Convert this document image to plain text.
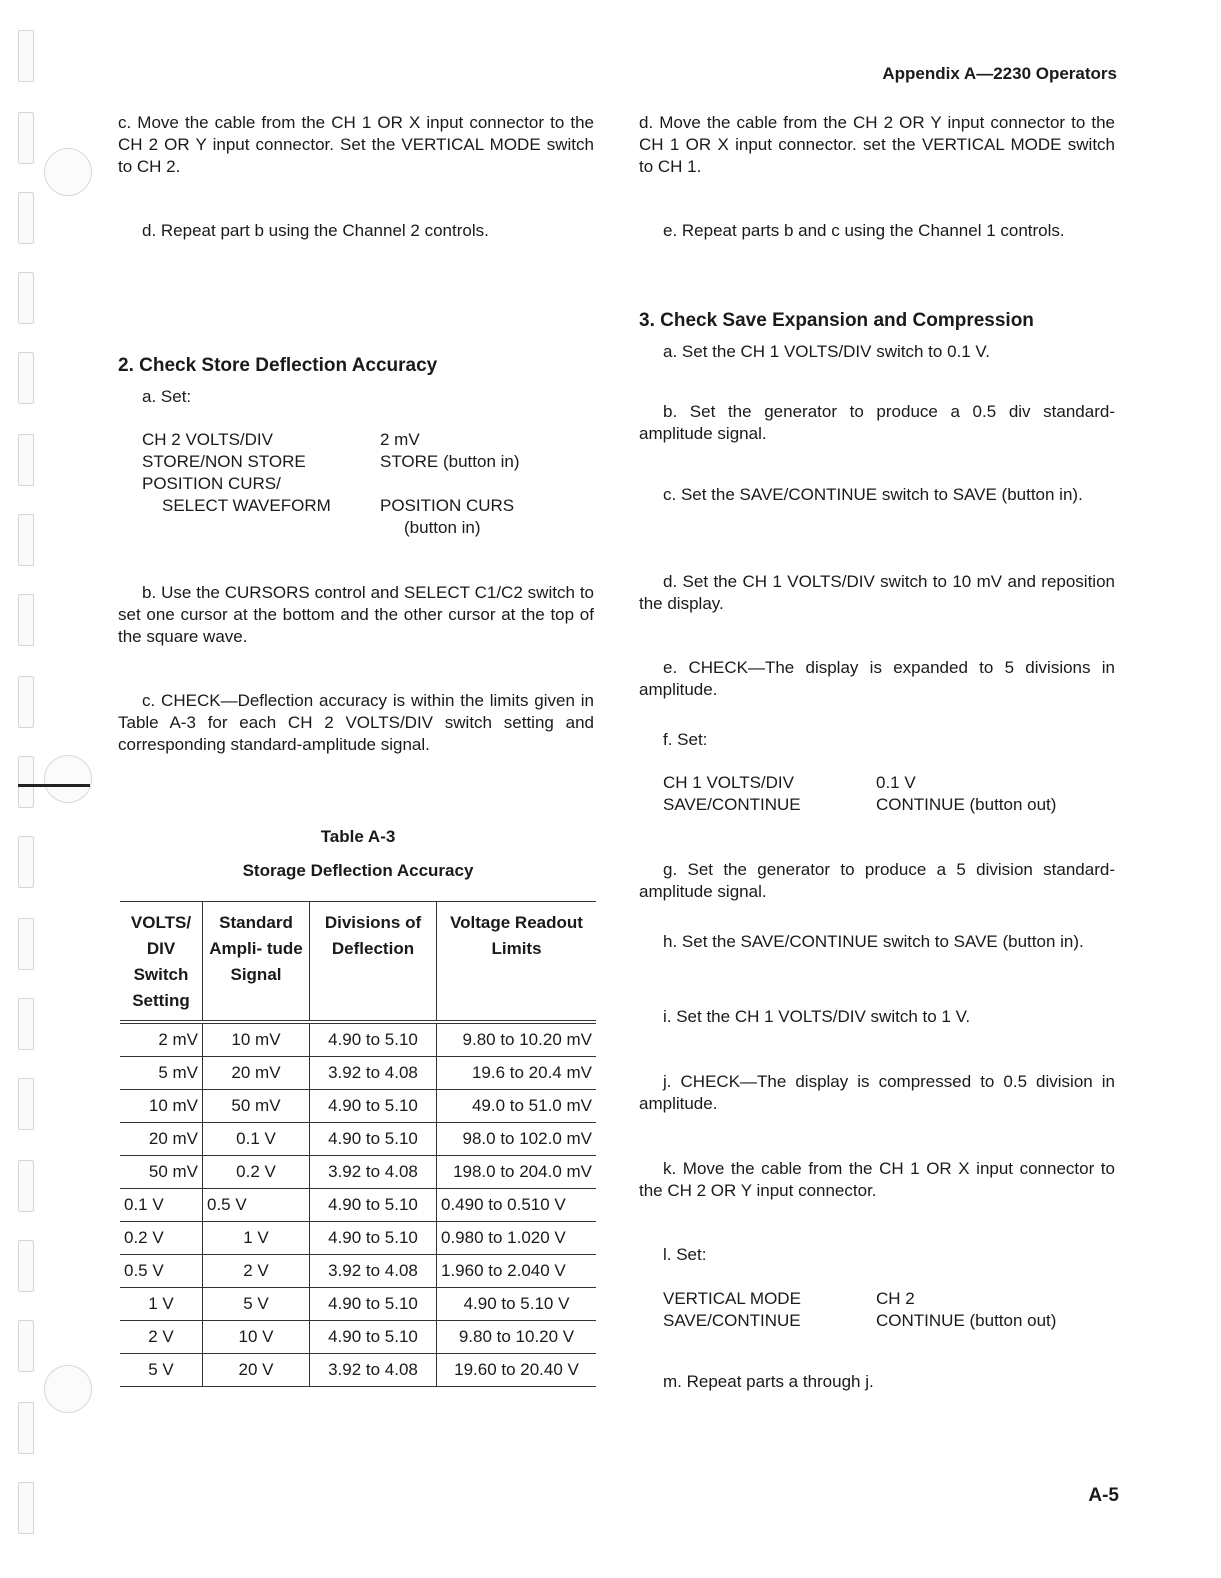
Appendix A—2230 Operators
A-5
c. Move the cable from the CH 1 OR X input connector to the CH 2 OR Y input connector. Set the VERTICAL MODE switch to CH 2.
d. Repeat part b using the Channel 2 controls.
2. Check Store Deflection Accuracy
a. Set:
CH 2 VOLTS/DIV	2 mV
STORE/NON STORE	STORE (button in)
POSITION CURS/
SELECT WAVEFORM	POSITION CURS
(button in)
b. Use the CURSORS control and SELECT C1/C2 switch to set one cursor at the bottom and the other cursor at the top of the square wave.
c. CHECK—Deflection accuracy is within the limits given in Table A-3 for each CH 2 VOLTS/DIV switch setting and corresponding standard-amplitude signal.
Table A-3
Storage Deflection Accuracy
VOLTS/ DIV Switch Setting	Standard Ampli- tude Signal	Divisions of Deflection	Voltage Readout Limits
2 mV	10 mV	4.90 to 5.10	9.80 to 10.20 mV
5 mV	20 mV	3.92 to 4.08	19.6 to 20.4 mV
10 mV	50 mV	4.90 to 5.10	49.0 to 51.0 mV
20 mV	0.1 V	4.90 to 5.10	98.0 to 102.0 mV
50 mV	0.2 V	3.92 to 4.08	198.0 to 204.0 mV
0.1 V	0.5 V	4.90 to 5.10	0.490 to 0.510 V
0.2 V	1 V	4.90 to 5.10	0.980 to 1.020 V
0.5 V	2 V	3.92 to 4.08	1.960 to 2.040 V
1 V	5 V	4.90 to 5.10	4.90 to 5.10 V
2 V	10 V	4.90 to 5.10	9.80 to 10.20 V
5 V	20 V	3.92 to 4.08	19.60 to 20.40 V
d. Move the cable from the CH 2 OR Y input connector to the CH 1 OR X input connector. set the VERTICAL MODE switch to CH 1.
e. Repeat parts b and c using the Channel 1 controls.
3. Check Save Expansion and Compression
a. Set the CH 1 VOLTS/DIV switch to 0.1 V.
b. Set the generator to produce a 0.5 div standard-amplitude signal.
c. Set the SAVE/CONTINUE switch to SAVE (button in).
d. Set the CH 1 VOLTS/DIV switch to 10 mV and reposition the display.
e. CHECK—The display is expanded to 5 divisions in amplitude.
f. Set:
CH 1 VOLTS/DIV	0.1 V
SAVE/CONTINUE	CONTINUE (button out)
g. Set the generator to produce a 5 division standard-amplitude signal.
h. Set the SAVE/CONTINUE switch to SAVE (button in).
i. Set the CH 1 VOLTS/DIV switch to 1 V.
j. CHECK—The display is compressed to 0.5 division in amplitude.
k. Move the cable from the CH 1 OR X input connector to the CH 2 OR Y input connector.
l. Set:
VERTICAL MODE	CH 2
SAVE/CONTINUE	CONTINUE (button out)
m. Repeat parts a through j.
